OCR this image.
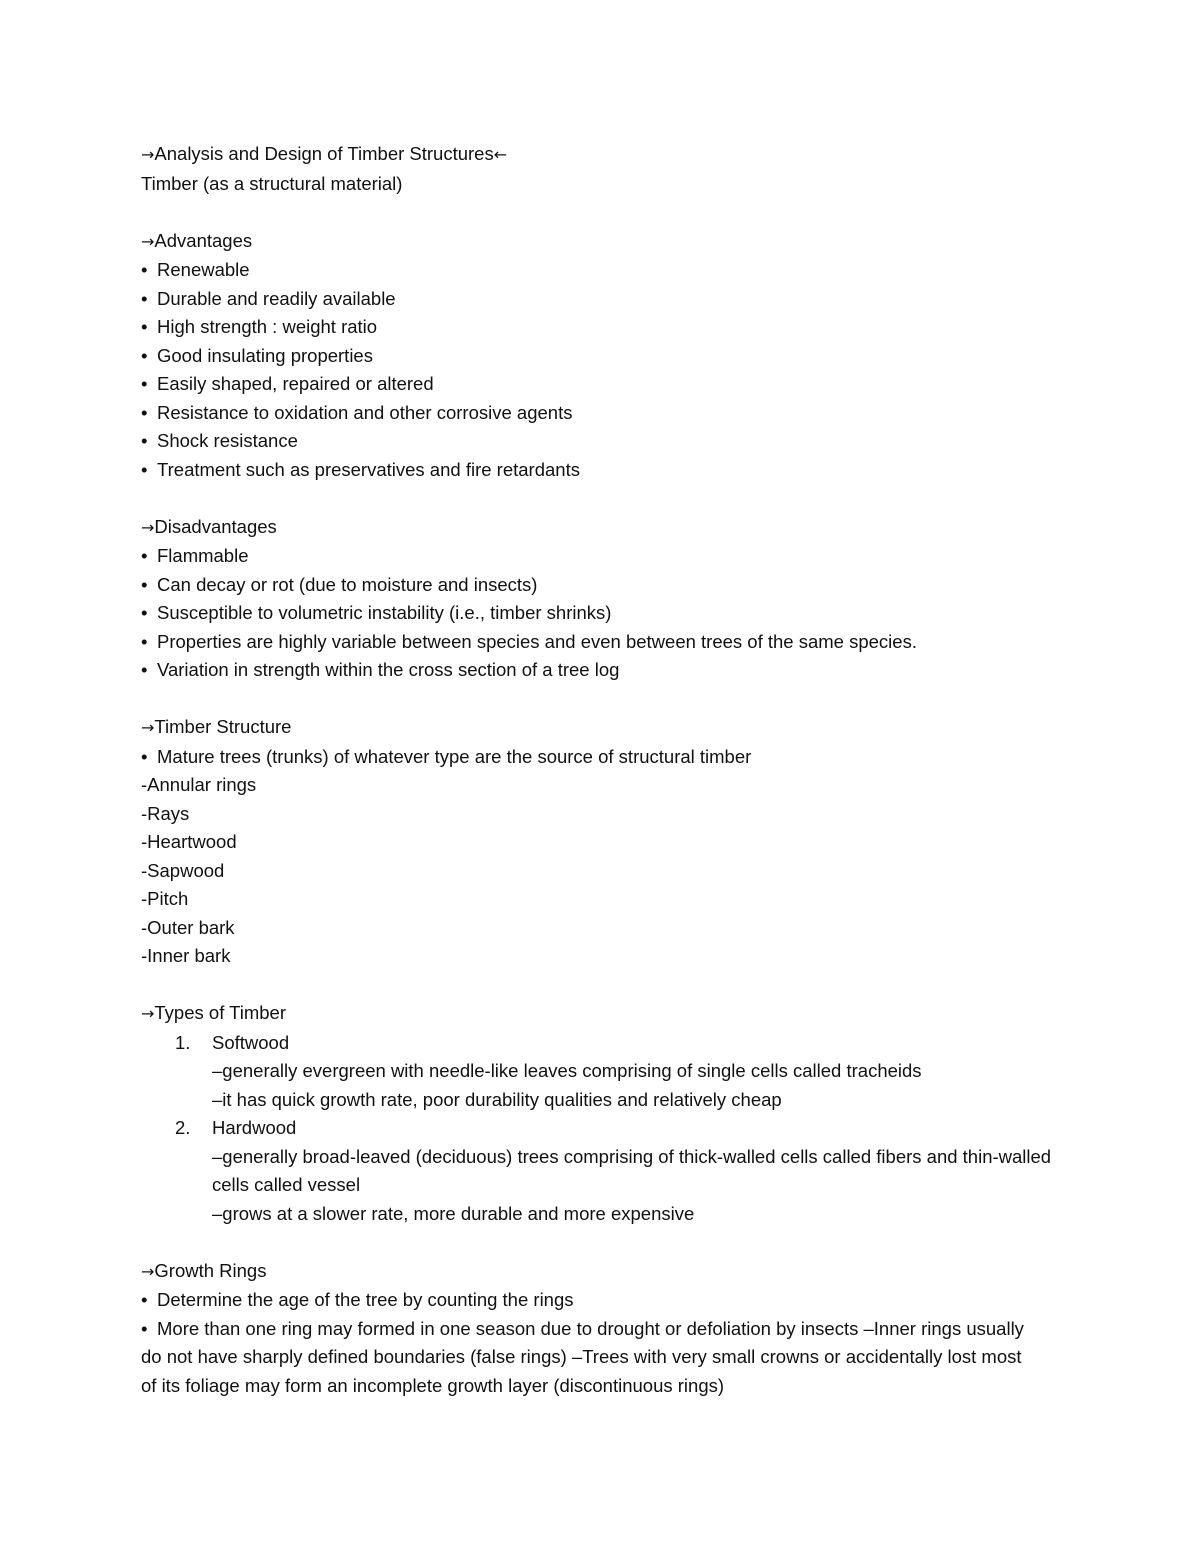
→Analysis and Design of Timber Structures←

Timber (as a structural material)

→Advantages

• Renewable

• Durable and readily available

• High strength : weight ratio

• Good insulating properties

• Easily shaped, repaired or altered

• Resistance to oxidation and other corrosive agents

• Shock resistance

• Treatment such as preservatives and fire retardants

→Disadvantages

• Flammable

• Can decay or rot (due to moisture and insects)

• Susceptible to volumetric instability (i.e., timber shrinks)

• Properties are highly variable between species and even between trees of the same species.

• Variation in strength within the cross section of a tree log

→Timber Structure

• Mature trees (trunks) of whatever type are the source of structural timber

-Annular rings

-Rays

-Heartwood

-Sapwood

-Pitch

-Outer bark

-Inner bark

→Types of Timber

1. Softwood

–generally evergreen with needle-like leaves comprising of single cells called tracheids

–it has quick growth rate, poor durability qualities and relatively cheap

2. Hardwood

–generally broad-leaved (deciduous) trees comprising of thick-walled cells called fibers and thin-walled cells called vessel

–grows at a slower rate, more durable and more expensive

→Growth Rings

• Determine the age of the tree by counting the rings

• More than one ring may formed in one season due to drought or defoliation by insects –Inner rings usually do not have sharply defined boundaries (false rings) –Trees with very small crowns or accidentally lost most of its foliage may form an incomplete growth layer (discontinuous rings)
